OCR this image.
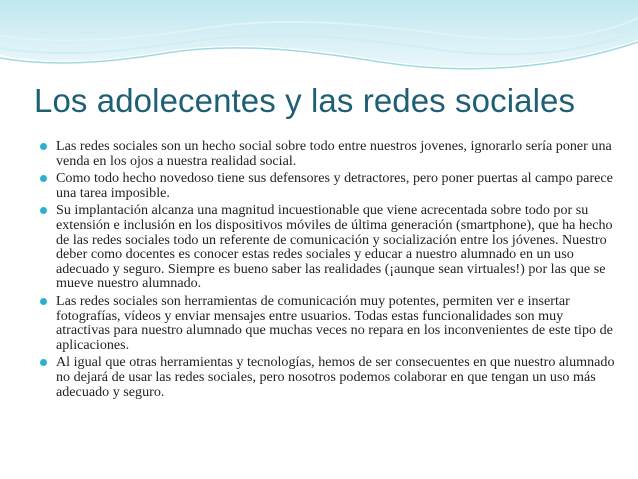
Los adolecentes y las redes sociales
Las redes sociales son un hecho social sobre todo entre nuestros jovenes, ignorarlo sería poner una venda en los ojos a nuestra realidad social.
Como todo hecho novedoso tiene sus defensores y detractores, pero poner puertas al campo parece una tarea imposible.
Su implantación alcanza una magnitud incuestionable que viene acrecentada sobre todo por su extensión e inclusión en los dispositivos móviles de última generación (smartphone), que ha hecho de las redes sociales todo un referente de comunicación y socialización entre los jóvenes. Nuestro deber como docentes es conocer estas redes sociales y educar a nuestro alumnado en un uso adecuado y seguro. Siempre es bueno saber las realidades (¡aunque sean virtuales!) por las que se mueve nuestro alumnado.
Las redes sociales son herramientas de comunicación muy potentes, permiten ver e insertar fotografías, vídeos y enviar mensajes entre usuarios. Todas estas funcionalidades son muy atractivas para nuestro alumnado que muchas veces no repara en los inconvenientes de este tipo de aplicaciones.
Al igual que otras herramientas y tecnologías, hemos de ser consecuentes en que nuestro alumnado no dejará de usar las redes sociales, pero nosotros podemos colaborar en que tengan un uso más adecuado y seguro.
